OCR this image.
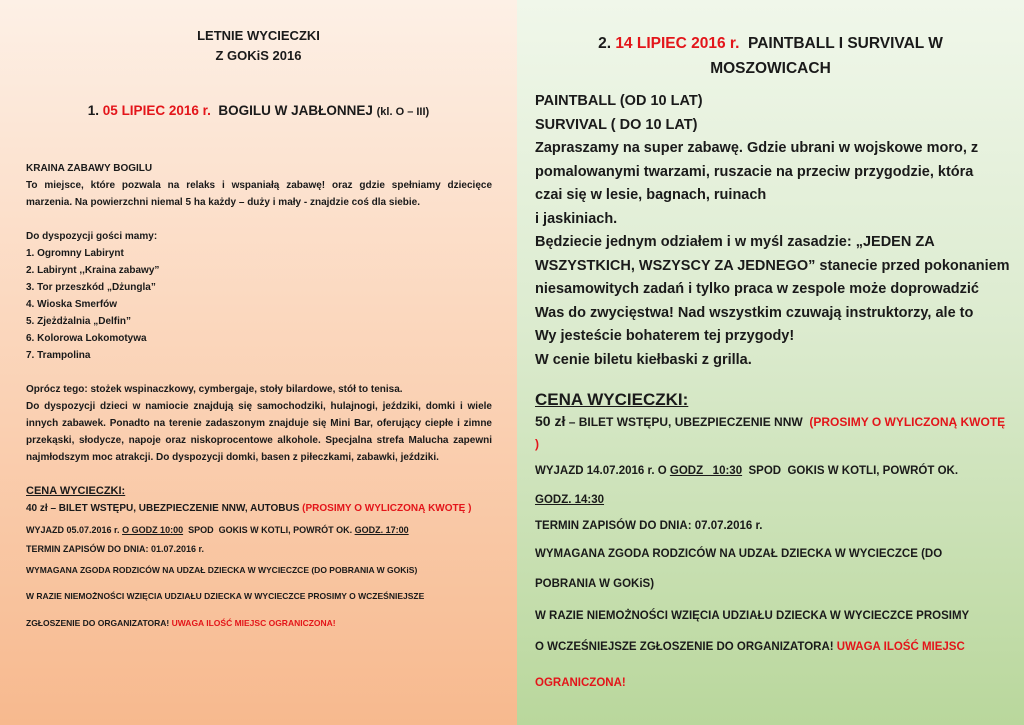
LETNIE WYCIECZKI
Z GOKiS 2016
1. 05 LIPIEC 2016 r.  BOGILU W JABŁONNEJ (kl. O – III)

KRAINA ZABAWY BOGILU

To miejsce, które pozwala na relaks i wspaniałą zabawę! oraz gdzie spełniamy dziecięce marzenia. Na powierzchni niemal 5 ha każdy – duży i mały - znajdzie coś dla siebie.

Do dyspozycji gości mamy:

1. Ogromny Labirynt

2. Labirynt ,,Kraina zabawy”

3. Tor przeszkód „Dżungla”

4. Wioska Smerfów

5. Zjeżdżalnia „Delfin”

6. Kolorowa Lokomotywa

7. Trampolina

Oprócz tego: stożek wspinaczkowy, cymbergaje, stoły bilardowe, stół to tenisa.

Do dyspozycji dzieci w namiocie znajdują się samochodziki, hulajnogi, jeździki, domki i wiele innych zabawek. Ponadto na terenie zadaszonym znajduje się Mini Bar, oferujący ciepłe i zimne przekąski, słodycze, napoje oraz niskoprocentowe alkohole. Specjalna strefa Malucha zapewni najmłodszym moc atrakcji. Do dyspozycji domki, basen z piłeczkami, zabawki, jeździki.

CENA WYCIECZKI:

40 zł – BILET WSTĘPU, UBEZPIECZENIE NNW, AUTOBUS (PROSIMY O WYLICZONĄ KWOTĘ )

WYJAZD 05.07.2016 r. O GODZ 10:00  SPOD  GOKIS W KOTLI, POWRÓT OK. GODZ. 17:00

TERMIN ZAPISÓW DO DNIA: 01.07.2016 r.

WYMAGANA ZGODA RODZICÓW NA UDZAŁ DZIECKA W WYCIECZCE (DO POBRANIA W GOKiS)

W RAZIE NIEMOŻNOŚCI WZIĘCIA UDZIAŁU DZIECKA W WYCIECZCE PROSIMY O WCZEŚNIEJSZE

ZGŁOSZENIE DO ORGANIZATORA! UWAGA ILOŚĆ MIEJSC OGRANICZONA!

2. 14 LIPIEC 2016 r.  PAINTBALL I SURVIVAL W
MOSZOWICACH

PAINTBALL (OD 10 LAT)

SURVIVAL ( DO 10 LAT)

Zapraszamy na super zabawę. Gdzie ubrani w wojskowe moro, z

pomalowanymi twarzami, ruszacie na przeciw przygodzie, która

czai się w lesie, bagnach, ruinach

i jaskiniach.

Będziecie jednym odziałem i w myśl zasadzie: „JEDEN ZA

WSZYSTKICH, WSZYSCY ZA JEDNEGO” stanecie przed pokonaniem

niesamowitych zadań i tylko praca w zespole może doprowadzić

Was do zwycięstwa! Nad wszystkim czuwają instruktorzy, ale to

Wy jesteście bohaterem tej przygody!

W cenie biletu kiełbaski z grilla.

CENA WYCIECZKI:

50 zł – BILET WSTĘPU, UBEZPIECZENIE NNW  (PROSIMY O WYLICZONĄ KWOTĘ )

WYJAZD 14.07.2016 r. O GODZ   10:30  SPOD  GOKIS W KOTLI, POWRÓT OK.

GODZ. 14:30

TERMIN ZAPISÓW DO DNIA: 07.07.2016 r.

WYMAGANA ZGODA RODZICÓW NA UDZAŁ DZIECKA W WYCIECZCE (DO

POBRANIA W GOKiS)

W RAZIE NIEMOŻNOŚCI WZIĘCIA UDZIAŁU DZIECKA W WYCIECZCE PROSIMY

O WCZEŚNIEJSZE ZGŁOSZENIE DO ORGANIZATORA! UWAGA ILOŚĆ MIEJSC

OGRANICZONA!
